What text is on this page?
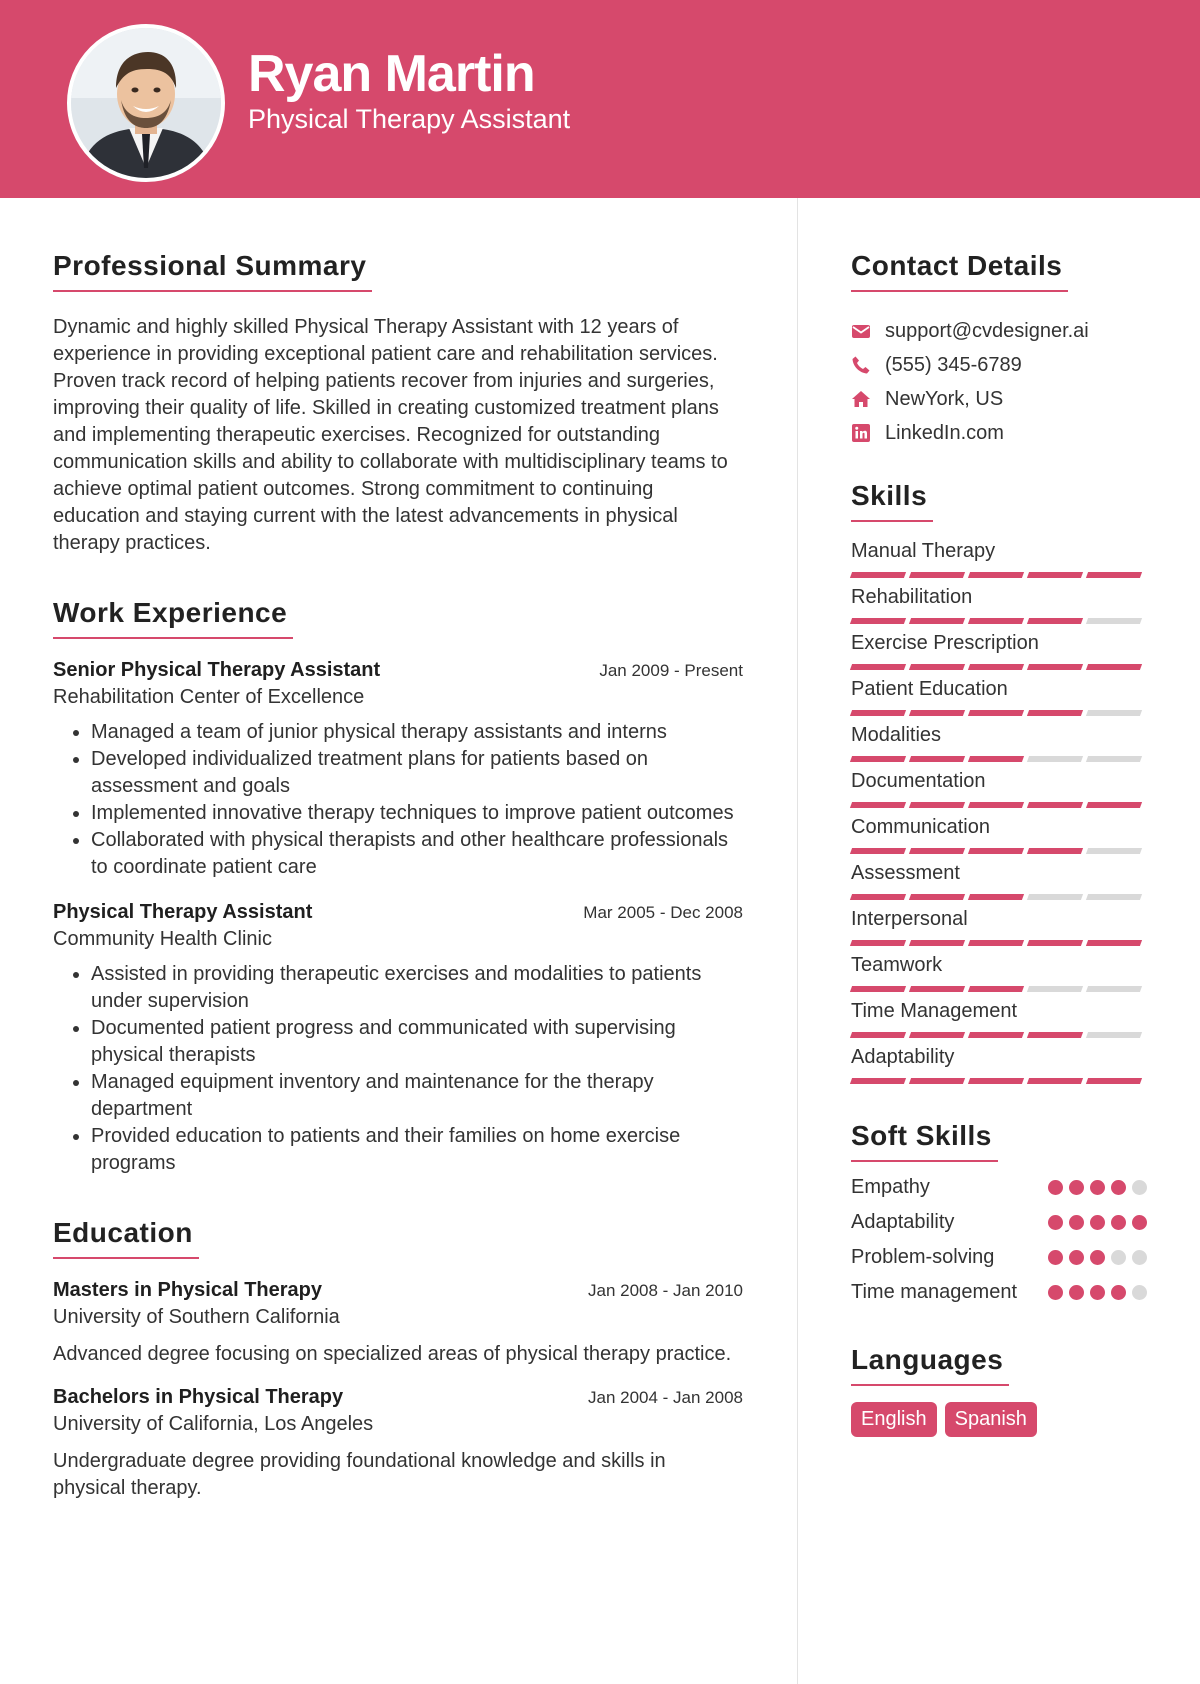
Ryan Martin

Physical Therapy Assistant

Professional Summary

Dynamic and highly skilled Physical Therapy Assistant with 12 years of experience in providing exceptional patient care and rehabilitation services. Proven track record of helping patients recover from injuries and surgeries, improving their quality of life. Skilled in creating customized treatment plans and implementing therapeutic exercises. Recognized for outstanding communication skills and ability to collaborate with multidisciplinary teams to achieve optimal patient outcomes. Strong commitment to continuing education and staying current with the latest advancements in physical therapy practices.

Work Experience
Senior Physical Therapy Assistant	Jan 2009 - Present
Rehabilitation Center of Excellence
• Managed a team of junior physical therapy assistants and interns
• Developed individualized treatment plans for patients based on assessment and goals
• Implemented innovative therapy techniques to improve patient outcomes
• Collaborated with physical therapists and other healthcare professionals to coordinate patient care
Physical Therapy Assistant	Mar 2005 - Dec 2008
Community Health Clinic
• Assisted in providing therapeutic exercises and modalities to patients under supervision
• Documented patient progress and communicated with supervising physical therapists
• Managed equipment inventory and maintenance for the therapy department
• Provided education to patients and their families on home exercise programs
Education
Masters in Physical Therapy	Jan 2008 - Jan 2010
University of Southern California

Advanced degree focusing on specialized areas of physical therapy practice.

Bachelors in Physical Therapy	Jan 2004 - Jan 2008
University of California, Los Angeles

Undergraduate degree providing foundational knowledge and skills in physical therapy.

Contact Details
support@cvdesigner.ai
(555) 345-6789
NewYork, US
LinkedIn.com
Skills
Manual Therapy
Rehabilitation
Exercise Prescription
Patient Education
Modalities
Documentation
Communication
Assessment
Interpersonal
Teamwork
Time Management
Adaptability
Soft Skills
Empathy
Adaptability
Problem-solving
Time management
Languages
English	Spanish
